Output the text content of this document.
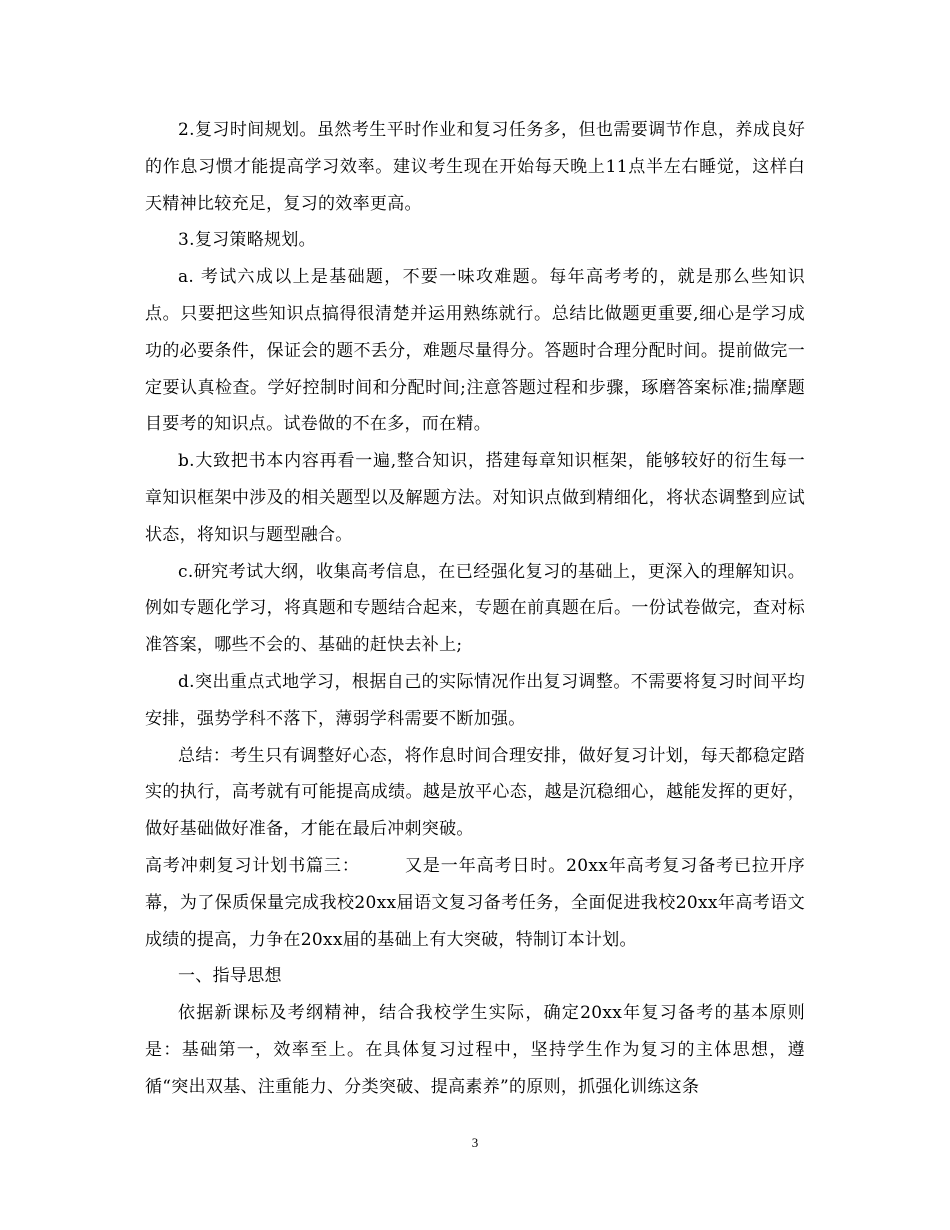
2.复习时间规划。虽然考生平时作业和复习任务多，但也需要调节作息，养成良好的作息习惯才能提高学习效率。建议考生现在开始每天晚上11点半左右睡觉，这样白天精神比较充足，复习的效率更高。

3.复习策略规划。

a. 考试六成以上是基础题，不要一味攻难题。每年高考考的，就是那么些知识点。只要把这些知识点搞得很清楚并运用熟练就行。总结比做题更重要,细心是学习成功的必要条件，保证会的题不丢分，难题尽量得分。答题时合理分配时间。提前做完一定要认真检查。学好控制时间和分配时间;注意答题过程和步骤，琢磨答案标准;揣摩题目要考的知识点。试卷做的不在多，而在精。

b.大致把书本内容再看一遍,整合知识，搭建每章知识框架，能够较好的衍生每一章知识框架中涉及的相关题型以及解题方法。对知识点做到精细化，将状态调整到应试状态，将知识与题型融合。

c.研究考试大纲，收集高考信息，在已经强化复习的基础上，更深入的理解知识。例如专题化学习，将真题和专题结合起来，专题在前真题在后。一份试卷做完，查对标准答案，哪些不会的、基础的赶快去补上;

d.突出重点式地学习，根据自己的实际情况作出复习调整。不需要将复习时间平均安排，强势学科不落下，薄弱学科需要不断加强。

总结：考生只有调整好心态，将作息时间合理安排，做好复习计划，每天都稳定踏实的执行，高考就有可能提高成绩。越是放平心态，越是沉稳细心，越能发挥的更好，做好基础做好准备，才能在最后冲刺突破。

高考冲刺复习计划书篇三：　　　又是一年高考日时。20xx年高考复习备考已拉开序幕，为了保质保量完成我校20xx届语文复习备考任务，全面促进我校20xx年高考语文成绩的提高，力争在20xx届的基础上有大突破，特制订本计划。

一、指导思想

依据新课标及考纲精神，结合我校学生实际，确定20xx年复习备考的基本原则是：基础第一，效率至上。在具体复习过程中，坚持学生作为复习的主体思想，遵循“突出双基、注重能力、分类突破、提高素养”的原则，抓强化训练这条

3
